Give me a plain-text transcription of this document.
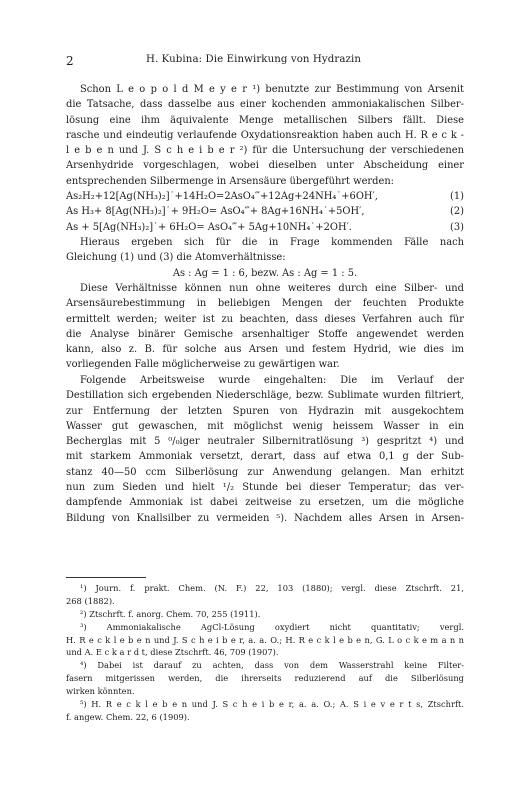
2	H. Kubina: Die Einwirkung von Hydrazin
Schon L e o p o l d M e y e r ¹) benutzte zur Bestimmung von Arsenit
die Tatsache, dass dasselbe aus einer kochenden ammoniakalischen Silber-
lösung eine ihm äquivalente Menge metallischen Silbers fällt. Diese
rasche und eindeutig verlaufende Oxydationsreaktion haben auch H. R e c k -
l e b e n und J. S c h e i b e r ²) für die Untersuchung der verschiedenen
Arsenhydride vorgeschlagen, wobei dieselben unter Abscheidung einer
entsprechenden Silbermenge in Arsensäure übergeführt werden:
As₂H₂+12[Ag(NH₃)₂]˙+14H₂O=2AsO₄‴+12Ag+24NH₄˙+6OH′,	(1)
As H₃+ 8[Ag(NH₃)₂]˙+ 9H₂O= AsO₄‴+ 8Ag+16NH₄˙+5OH′,	(2)
As + 5[Ag(NH₃)₂]˙+ 6H₂O= AsO₄‴+ 5Ag+10NH₄˙+2OH′.	(3)
Hieraus ergeben sich für die in Frage kommenden Fälle nach
Gleichung (1) und (3) die Atomverhältnisse:
As : Ag = 1 : 6, bezw. As : Ag = 1 : 5.
Diese Verhältnisse können nun ohne weiteres durch eine Silber- und
Arsensäurebestimmung in beliebigen Mengen der feuchten Produkte
ermittelt werden; weiter ist zu beachten, dass dieses Verfahren auch für
die Analyse binärer Gemische arsenhaltiger Stoffe angewendet werden
kann, also z. B. für solche aus Arsen und festem Hydrid, wie dies im
vorliegenden Falle möglicherweise zu gewärtigen war.
Folgende Arbeitsweise wurde eingehalten: Die im Verlauf der
Destillation sich ergebenden Niederschläge, bezw. Sublimate wurden filtriert,
zur Entfernung der letzten Spuren von Hydrazin mit ausgekochtem
Wasser gut gewaschen, mit möglichst wenig heissem Wasser in ein
Becherglas mit 5 ⁰/₀iger neutraler Silbernitratlösung ³) gespritzt ⁴) und
mit starkem Ammoniak versetzt, derart, dass auf etwa 0,1 g der Sub-
stanz 40—50 ccm Silberlösung zur Anwendung gelangen. Man erhitzt
nun zum Sieden und hielt ¹/₂ Stunde bei dieser Temperatur; das ver-
dampfende Ammoniak ist dabei zeitweise zu ersetzen, um die mögliche
Bildung von Knallsilber zu vermeiden ⁵). Nachdem alles Arsen in Arsen-
¹) Journ. f. prakt. Chem. (N. F.) 22, 103 (1880); vergl. diese Ztschrft. 21,
268 (1882).
²) Ztschrft. f. anorg. Chem. 70, 255 (1911).
³) Ammoniakalische AgCl-Lösung oxydiert nicht quantitativ; vergl.
H. R e c k l e b e n und J. S c h e i b e r, a. a. O.; H. R e c k l e b e n, G. L o c k e m a n n
und A. E c k a r d t, diese Ztschrft. 46, 709 (1907).
⁴) Dabei ist darauf zu achten, dass von dem Wasserstrahl keine Filter-
fasern mitgerissen werden, die ihrerseits reduzierend auf die Silberlösung
wirken könnten.
⁵) H. R e c k l e b e n und J. S c h e i b e r, a. a. O.; A. S i e v e r t s, Ztschrft.
f. angew. Chem. 22, 6 (1909).
